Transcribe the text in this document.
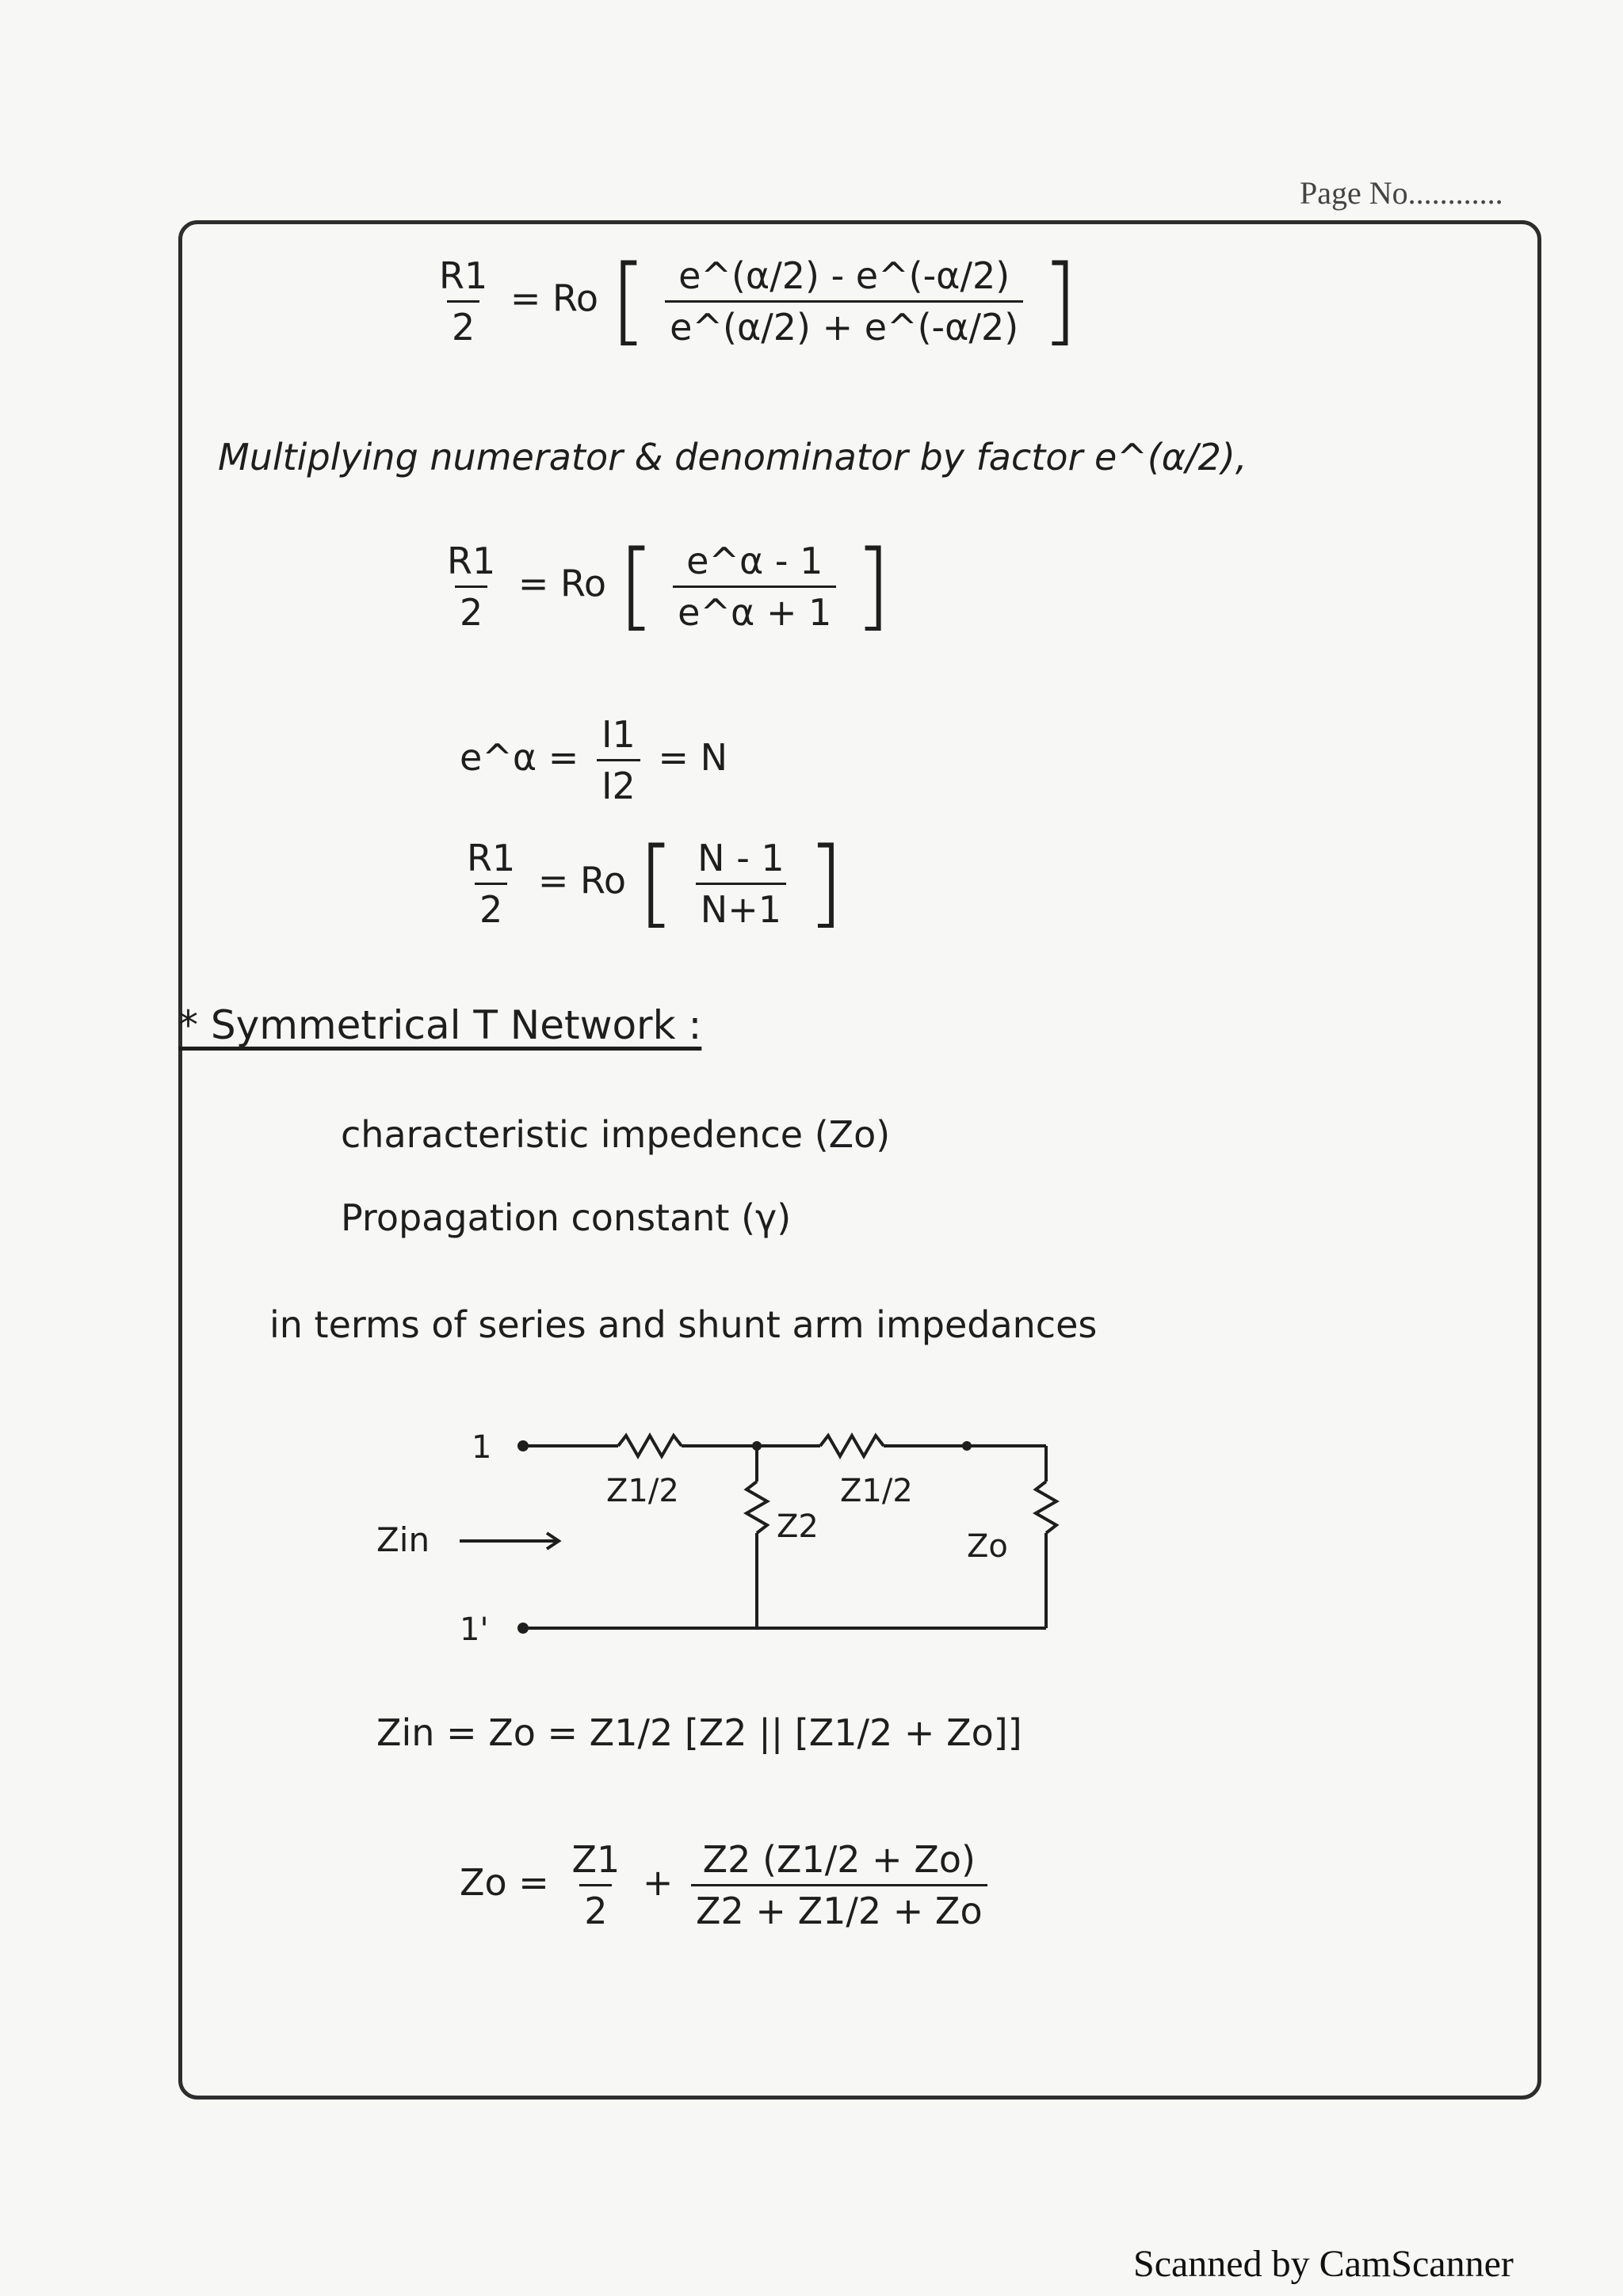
Page No............
$\frac{R1}{2} = Ro$ [ $\frac{e\^{}(\alpha/2) - e\^{}(-\alpha/2)}{e\^{}(\alpha/2) + e\^{}(-\alpha/2)}$ ]
Multiplying numerator & denominator by factor e^(α/2),
$\frac{R1}{2} = Ro$ [ $\frac{e\^{}\alpha - 1}{e\^{}\alpha + 1}$ ]
e^α = $\frac{I1}{I2} = N$
$\frac{R1}{2} = Ro$ [ $\frac{N - 1}{N+1}$ ]
* Symmetrical T Network :
characteristic impedence (Zo)
Propagation constant (γ)
in terms of series and shunt arm impedances
1
1'
Z1/2	Z1/2
Z2
Zo
Zin
Zin = Zo = Z1/2 [Z2 || [Z1/2 + Zo]]
$Zo = \frac{Z1}{2} + \frac{Z2 (Z1/2 + Zo)}{Z2 + Z1/2 + Zo}$
Scanned by CamScanner
